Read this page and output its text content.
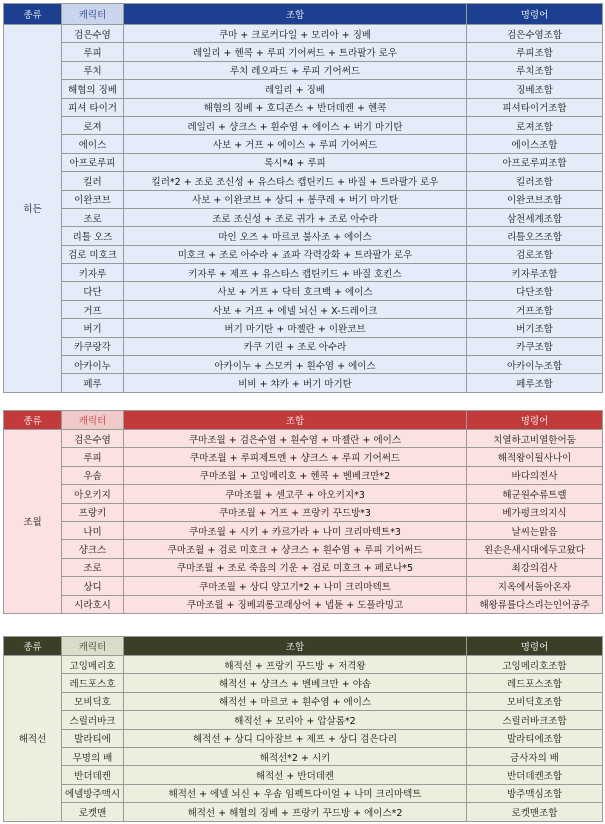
종류	캐릭터	조합	명령어
히든	검은수염	쿠마 + 크로커다일 + 모리아 + 징베	검은수염조합
	루피	레일리 + 헨콕 + 루피 기어써드 + 트라팔가 로우	루피조합
	루치	루치 레오파드 + 루피 기어써드	루치조합
	해협의 징베	레일리 + 징베	징베조합
	피셔 타이거	해협의 징베 + 호디존스 + 반더데켄 + 헨콕	피셔타이거조합
	로져	레일리 + 샹크스 + 흰수염 + 에이스 + 버기 마기탄	로져조합
	에이스	사보 + 거프 + 에이스 + 루피 기어써드	에이스조합
	아프로루피	록시*4 + 루피	아프로루피조합
	킬러	킬러*2 + 조로 조신성 + 유스타스 캡틴키드 + 바질 + 트라팔가 로우	킬러조합
	이완코브	사보 + 이완코브 + 상디 + 봉쿠레 + 버기 마기탄	이완코브조합
	조로	조로 조신성 + 조로 귀가 + 조로 아수라	삼천세계조합
	리틀 오즈	마인 오즈 + 마르코 불사조 + 에이스	리틀오즈조합
	검로 미호크	미호크 + 조로 아수라 + 죠파 각력강화 + 트라팔가 로우	검로조합
	키자루	키자루 + 제프 + 유스타스 캡틴키드 + 바질 호킨스	키자루조합
	다단	사보 + 거프 + 닥터 호크백 + 에이스	다단조합
	거프	사보 + 거프 + 에넬 뇌신 + X-드레이크	거프조합
	버기	버기 마기탄 + 마젤란 + 이완코브	버기조합
	카쿠랑각	카쿠 기린 + 조로 아수라	카쿠조합
	아카이누	아카이누 + 스모커 + 흰수염 + 에이스	아카이누조합
	페루	비비 + 챠카 + 버기 마기탄	페루조합
종류	캐릭터	조합	명령어
조월	검은수염	쿠마조월 + 검은수염 + 흰수염 + 마젤란 + 에이스	치열하고비열한어둠
	루피	쿠마조월 + 루피제트엔 + 샹크스 + 루피 기어써드	해적왕이될사나이
	우솝	쿠마조월 + 고잉메리호 + 헨콕 + 벤베크만*2	바다의전사
	아오키지	쿠마조월 + 센고쿠 + 아오키지*3	해군원수류트렐
	프랑키	쿠마조월 + 거프 + 프랑키 꾸드방*3	베가펑크의지식
	나미	쿠마조월 + 시키 + 카르가라 + 나미 크리마텍트*3	날씨는맑음
	샹크스	쿠마조월 + 검로 미호크 + 샹크스 + 흰수염 + 루피 기어써드	왼손은새시대에두고왔다
	조로	쿠마조월 + 조로 죽음의 기운 + 검로 미호크 + 페로나*5	최강의검사
	상디	쿠마조월 + 상디 양고기*2 + 나미 크리마텍트	지옥에서돌아온자
	시라호시	쿠마조월 + 징베괴롱고래상어 + 넵튠 + 도플라밍고	해왕류를다스리는인어공주
종류	캐릭터	조합	명령어
해적선	고잉메리호	해적선 + 프랑키 꾸드방 + 저격왕	고잉메리호조합
	레드포스호	해적선 + 샹크스 + 벤베크만 + 야솝	레드포스조합
	모비딕호	해적선 + 마르코 + 흰수염 + 에이스	모비딕호조합
	스릴러바크	해적선 + 모리아 + 압살롬*2	스릴러바크조합
	발라티에	해적선 + 상디 디아잠브 + 제프 + 상디 검은다리	발라티에조합
	무명의 배	해적선*2 + 시키	금사자의 배
	반더데켄	해적선 + 반더데켄	반더데켄조합
	에넬방주맥시	해적선 + 에넬 뇌신 + 우솝 임펙트다이얼 + 나미 크리마텍트	방주맥심조합
	로켓맨	해적선 + 해협의 징베 + 프랑키 꾸드방 + 에이스*2	로켓맨조합
